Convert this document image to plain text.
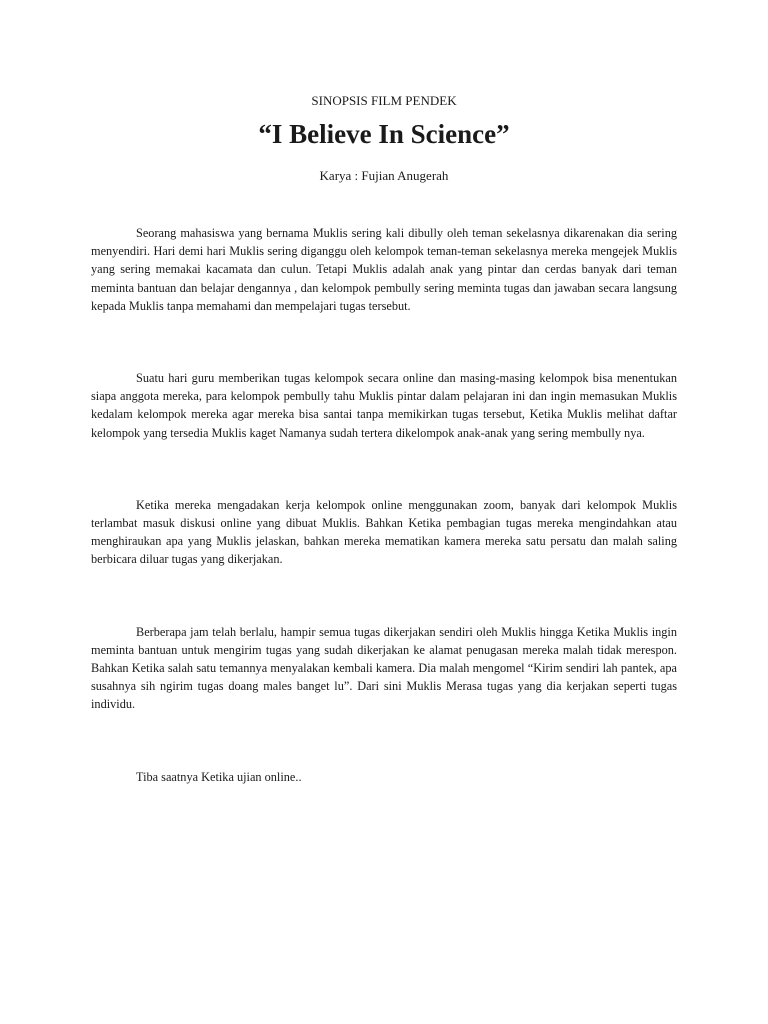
SINOPSIS FILM PENDEK
“I Believe In Science”
Karya : Fujian Anugerah

Seorang mahasiswa yang bernama Muklis sering kali dibully oleh teman sekelasnya dikarenakan dia sering menyendiri. Hari demi hari Muklis sering diganggu oleh kelompok teman-teman sekelasnya mereka mengejek Muklis yang sering memakai kacamata dan culun. Tetapi Muklis adalah anak yang pintar dan cerdas banyak dari teman meminta bantuan dan belajar dengannya , dan kelompok pembully sering meminta tugas dan jawaban secara langsung kepada Muklis tanpa memahami dan mempelajari tugas tersebut.

Suatu hari guru memberikan tugas kelompok secara online dan masing-masing kelompok bisa menentukan siapa anggota mereka, para kelompok pembully tahu Muklis pintar dalam pelajaran ini dan ingin memasukan Muklis kedalam kelompok mereka agar mereka bisa santai tanpa memikirkan tugas tersebut, Ketika Muklis melihat daftar kelompok yang tersedia Muklis kaget Namanya sudah tertera dikelompok anak-anak yang sering membully nya.

Ketika mereka mengadakan kerja kelompok online menggunakan zoom, banyak dari kelompok Muklis terlambat masuk diskusi online yang dibuat Muklis. Bahkan Ketika pembagian tugas mereka mengindahkan atau menghiraukan apa yang Muklis jelaskan, bahkan mereka mematikan kamera mereka satu persatu dan malah saling berbicara diluar tugas yang dikerjakan.

Berberapa jam telah berlalu, hampir semua tugas dikerjakan sendiri oleh Muklis hingga Ketika Muklis ingin meminta bantuan untuk mengirim tugas yang sudah dikerjakan ke alamat penugasan mereka malah tidak merespon. Bahkan Ketika salah satu temannya menyalakan kembali kamera. Dia malah mengomel “Kirim sendiri lah pantek, apa susahnya sih ngirim tugas doang males banget lu”. Dari sini Muklis Merasa tugas yang dia kerjakan seperti tugas individu.

Tiba saatnya Ketika ujian online..
